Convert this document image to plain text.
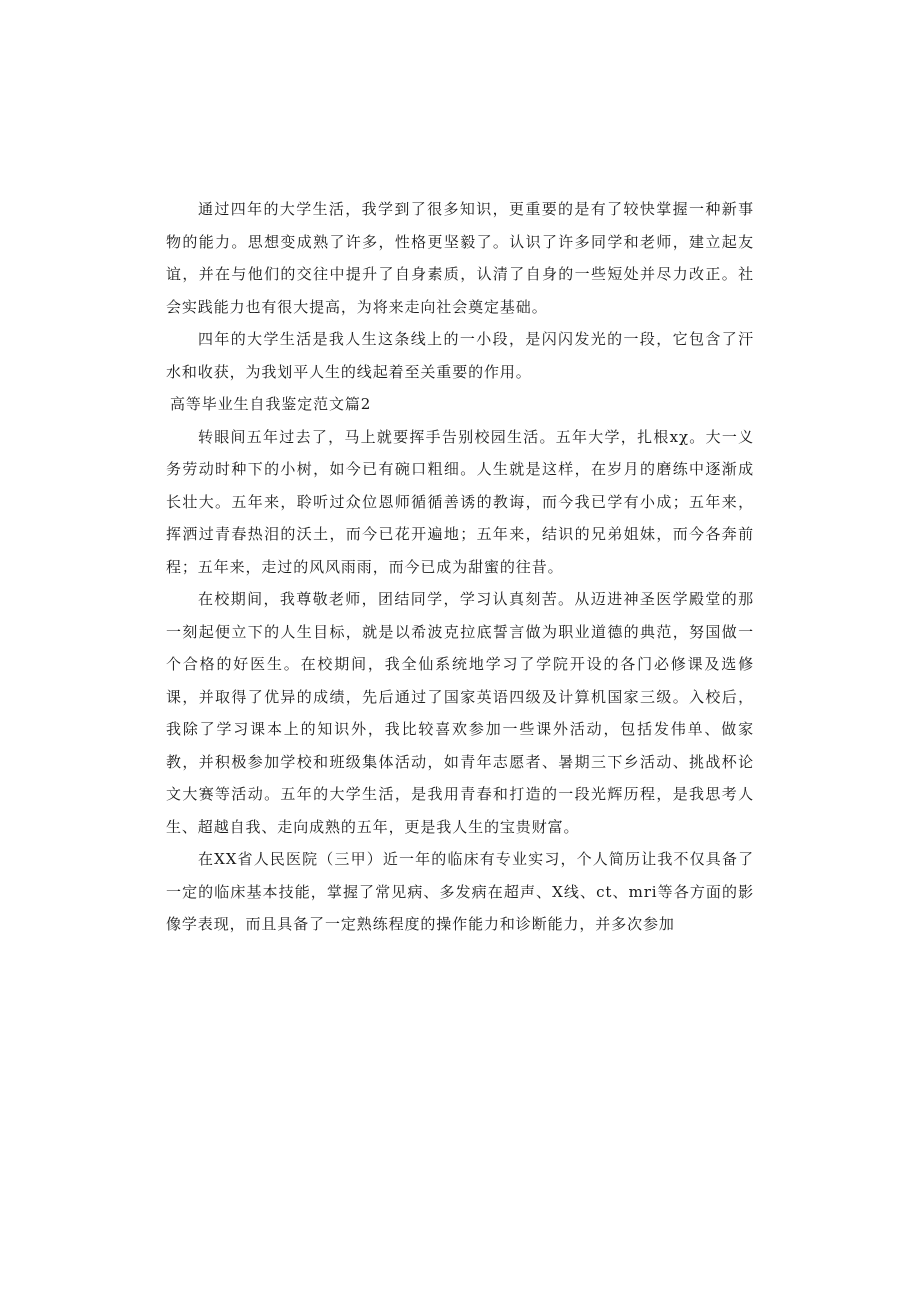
通过四年的大学生活，我学到了很多知识，更重要的是有了较快掌握一种新事物的能力。思想变成熟了许多，性格更坚毅了。认识了许多同学和老师，建立起友谊，并在与他们的交往中提升了自身素质，认清了自身的一些短处并尽力改正。社会实践能力也有很大提高，为将来走向社会奠定基础。

四年的大学生活是我人生这条线上的一小段，是闪闪发光的一段，它包含了汗水和收获，为我划平人生的线起着至关重要的作用。

高等毕业生自我鉴定范文篇2

转眼间五年过去了，马上就要挥手告别校园生活。五年大学，扎根xχ。大一义务劳动时种下的小树，如今已有碗口粗细。人生就是这样，在岁月的磨练中逐渐成长壮大。五年来，聆听过众位恩师循循善诱的教诲，而今我已学有小成；五年来，挥洒过青春热泪的沃土，而今已花开遍地；五年来，结识的兄弟姐妹，而今各奔前程；五年来，走过的风风雨雨，而今已成为甜蜜的往昔。

在校期间，我尊敬老师，团结同学，学习认真刻苦。从迈进神圣医学殿堂的那一刻起便立下的人生目标，就是以希波克拉底誓言做为职业道德的典范，努国做一个合格的好医生。在校期间，我全仙系统地学习了学院开设的各门必修课及选修课，并取得了优异的成绩，先后通过了国家英语四级及计算机国家三级。入校后，我除了学习课本上的知识外，我比较喜欢参加一些课外活动，包括发伟单、做家教，并积极参加学校和班级集体活动，如青年志愿者、暑期三下乡活动、挑战杯论文大赛等活动。五年的大学生活，是我用青春和打造的一段光辉历程，是我思考人生、超越自我、走向成熟的五年，更是我人生的宝贵财富。

在XX省人民医院（三甲）近一年的临床有专业实习，个人简历让我不仅具备了一定的临床基本技能，掌握了常见病、多发病在超声、X线、ct、mri等各方面的影像学表现，而且具备了一定熟练程度的操作能力和诊断能力，并多次参加
